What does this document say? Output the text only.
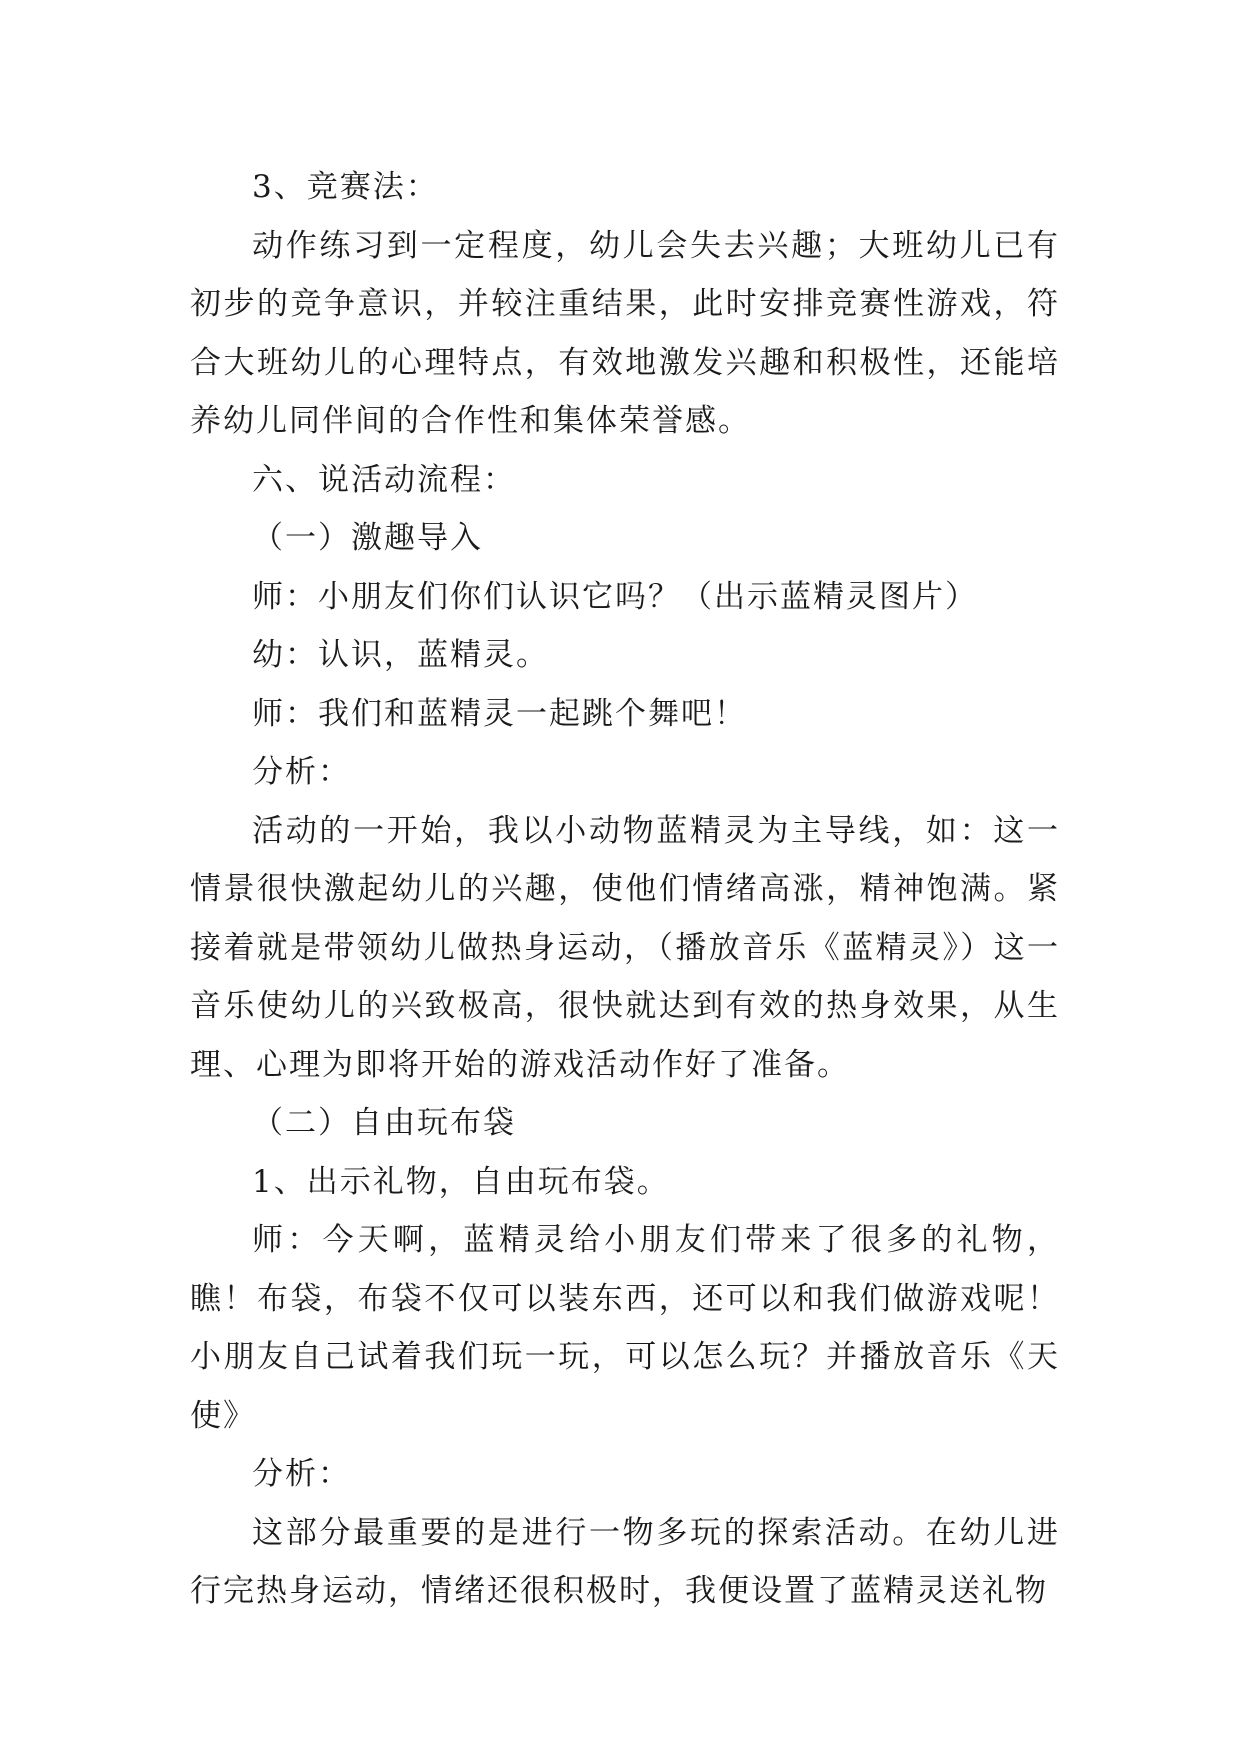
3、竞赛法：

动作练习到一定程度，幼儿会失去兴趣；大班幼儿已有初步的竞争意识，并较注重结果，此时安排竞赛性游戏，符合大班幼儿的心理特点，有效地激发兴趣和积极性，还能培养幼儿同伴间的合作性和集体荣誉感。

六、说活动流程：

（一）激趣导入

师：小朋友们你们认识它吗？（出示蓝精灵图片）

幼：认识，蓝精灵。

师：我们和蓝精灵一起跳个舞吧！

分析：

活动的一开始，我以小动物蓝精灵为主导线，如：这一情景很快激起幼儿的兴趣，使他们情绪高涨，精神饱满。紧接着就是带领幼儿做热身运动，（播放音乐《蓝精灵》）这一音乐使幼儿的兴致极高，很快就达到有效的热身效果，从生理、心理为即将开始的游戏活动作好了准备。

（二）自由玩布袋

1、出示礼物，自由玩布袋。

师：今天啊，蓝精灵给小朋友们带来了很多的礼物，瞧！布袋，布袋不仅可以装东西，还可以和我们做游戏呢！小朋友自己试着我们玩一玩，可以怎么玩？并播放音乐《天使》

分析：

这部分最重要的是进行一物多玩的探索活动。在幼儿进行完热身运动，情绪还很积极时，我便设置了蓝精灵送礼物
